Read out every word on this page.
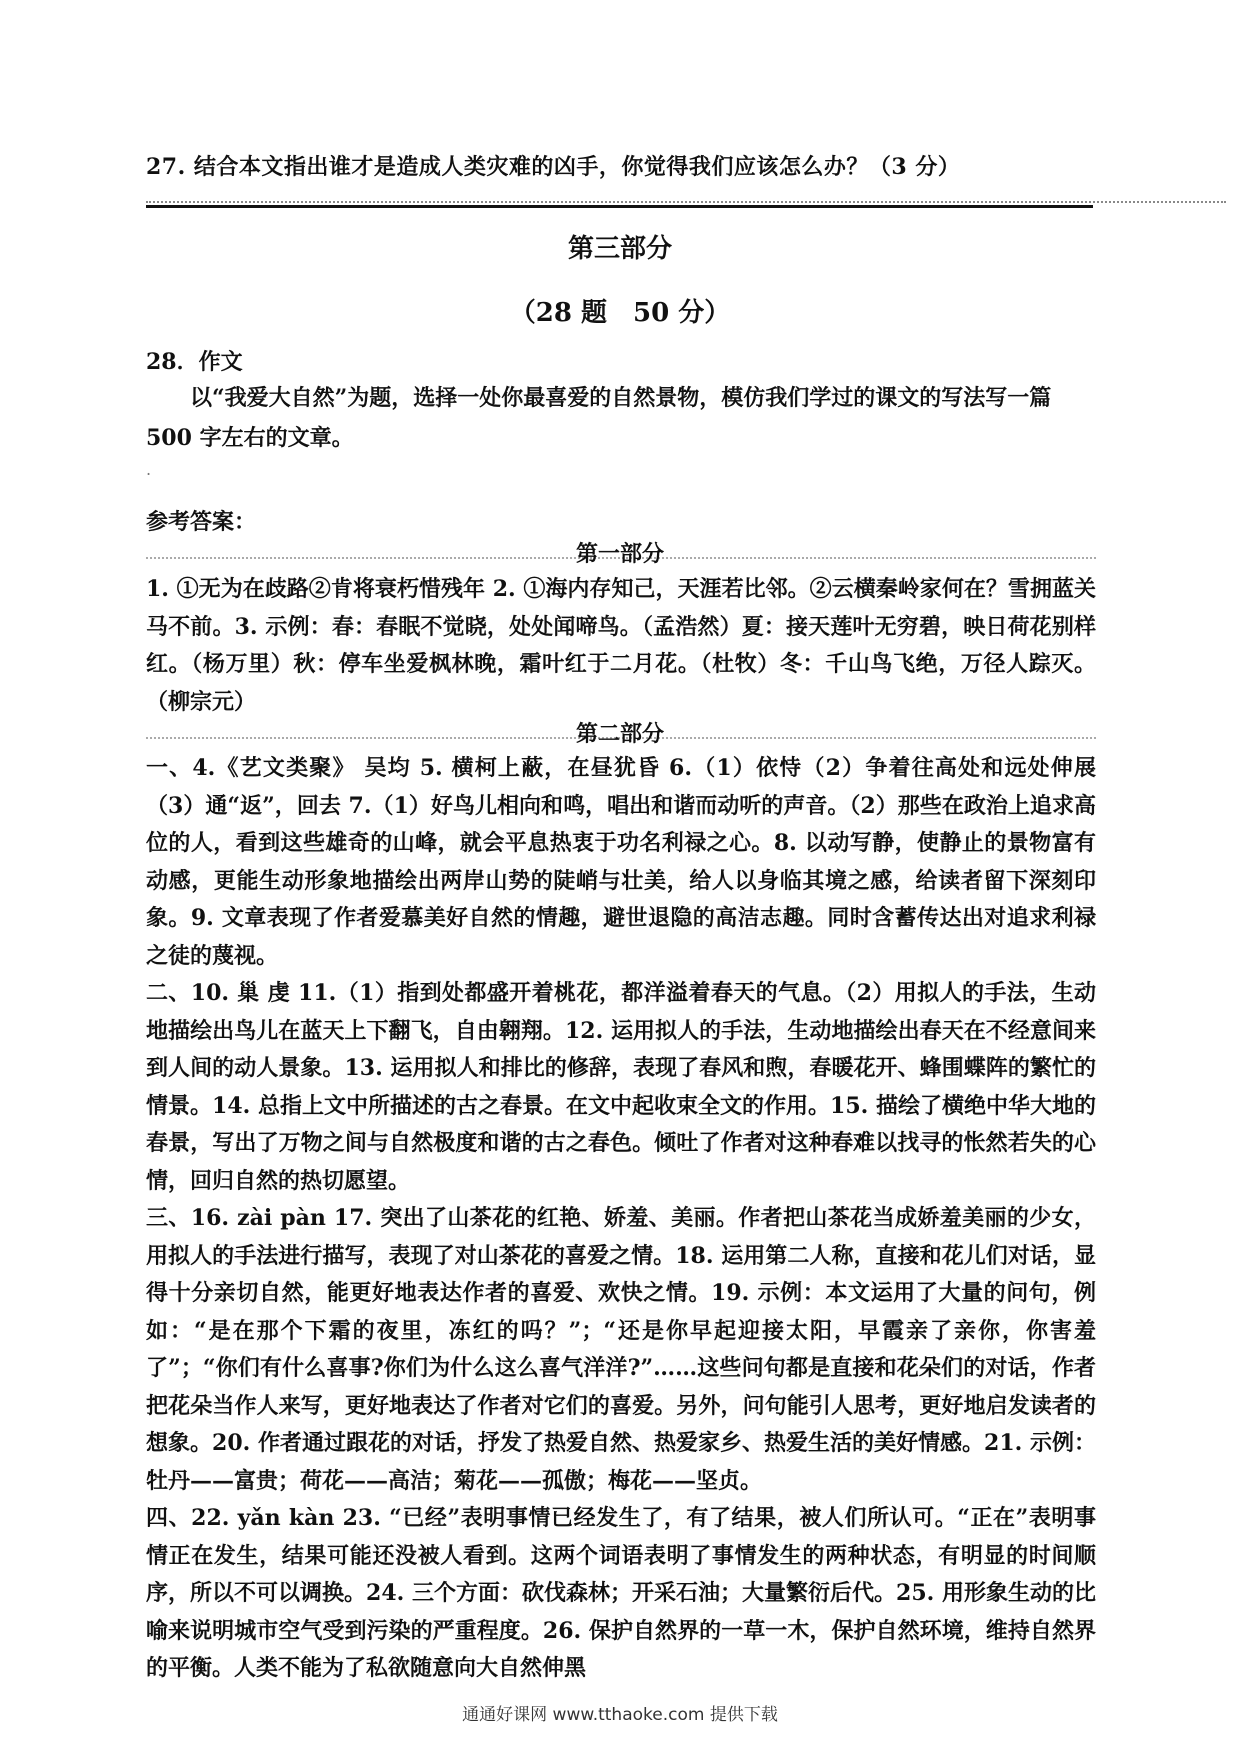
27. 结合本文指出谁才是造成人类灾难的凶手，你觉得我们应该怎么办？（3 分）
第三部分
（28 题　50 分）
28．作文
以“我爱大自然”为题，选择一处你最喜爱的自然景物，模仿我们学过的课文的写法写一篇 500 字左右的文章。
.
参考答案：
第一部分

1. ①无为在歧路②肯将衰朽惜残年 2. ①海内存知己，天涯若比邻。②云横秦岭家何在？雪拥蓝关马不前。3. 示例：春：春眠不觉晓，处处闻啼鸟。（孟浩然）夏：接天莲叶无穷碧，映日荷花别样红。（杨万里）秋：停车坐爱枫林晚，霜叶红于二月花。（杜牧）冬：千山鸟飞绝，万径人踪灭。（柳宗元）

第二部分

一、4.《艺文类聚》 吴均 5. 横柯上蔽，在昼犹昏 6.（1）依恃（2）争着往高处和远处伸展 （3）通“返”，回去 7.（1）好鸟儿相向和鸣，唱出和谐而动听的声音。（2）那些在政治上追求高位的人，看到这些雄奇的山峰，就会平息热衷于功名利禄之心。8. 以动写静，使静止的景物富有动感，更能生动形象地描绘出两岸山势的陡峭与壮美，给人以身临其境之感，给读者留下深刻印象。9. 文章表现了作者爱慕美好自然的情趣，避世退隐的高洁志趣。同时含蓄传达出对追求利禄之徒的蔑视。

二、10. 巢 虔 11.（1）指到处都盛开着桃花，都洋溢着春天的气息。（2）用拟人的手法，生动地描绘出鸟儿在蓝天上下翻飞，自由翱翔。12. 运用拟人的手法，生动地描绘出春天在不经意间来到人间的动人景象。13. 运用拟人和排比的修辞，表现了春风和煦，春暖花开、蜂围蝶阵的繁忙的情景。14. 总指上文中所描述的古之春景。在文中起收束全文的作用。15. 描绘了横绝中华大地的春景，写出了万物之间与自然极度和谐的古之春色。倾吐了作者对这种春难以找寻的怅然若失的心情，回归自然的热切愿望。

三、16. zài pàn 17. 突出了山茶花的红艳、娇羞、美丽。作者把山茶花当成娇羞美丽的少女，用拟人的手法进行描写，表现了对山茶花的喜爱之情。18. 运用第二人称，直接和花儿们对话，显得十分亲切自然，能更好地表达作者的喜爱、欢快之情。19. 示例：本文运用了大量的问句，例如：“是在那个下霜的夜里，冻红的吗？”；“还是你早起迎接太阳，早霞亲了亲你，你害羞了”；“你们有什么喜事?你们为什么这么喜气洋洋?”……这些问句都是直接和花朵们的对话，作者把花朵当作人来写，更好地表达了作者对它们的喜爱。另外，问句能引人思考，更好地启发读者的想象。20. 作者通过跟花的对话，抒发了热爱自然、热爱家乡、热爱生活的美好情感。21. 示例：牡丹——富贵；荷花——高洁；菊花——孤傲；梅花——坚贞。

四、22. yǎn kàn 23. “已经”表明事情已经发生了，有了结果，被人们所认可。“正在”表明事情正在发生，结果可能还没被人看到。这两个词语表明了事情发生的两种状态，有明显的时间顺序，所以不可以调换。24. 三个方面：砍伐森林；开采石油；大量繁衍后代。25. 用形象生动的比喻来说明城市空气受到污染的严重程度。26. 保护自然界的一草一木，保护自然环境，维持自然界的平衡。人类不能为了私欲随意向大自然伸黑

通通好课网 www.tthaoke.com 提供下载
